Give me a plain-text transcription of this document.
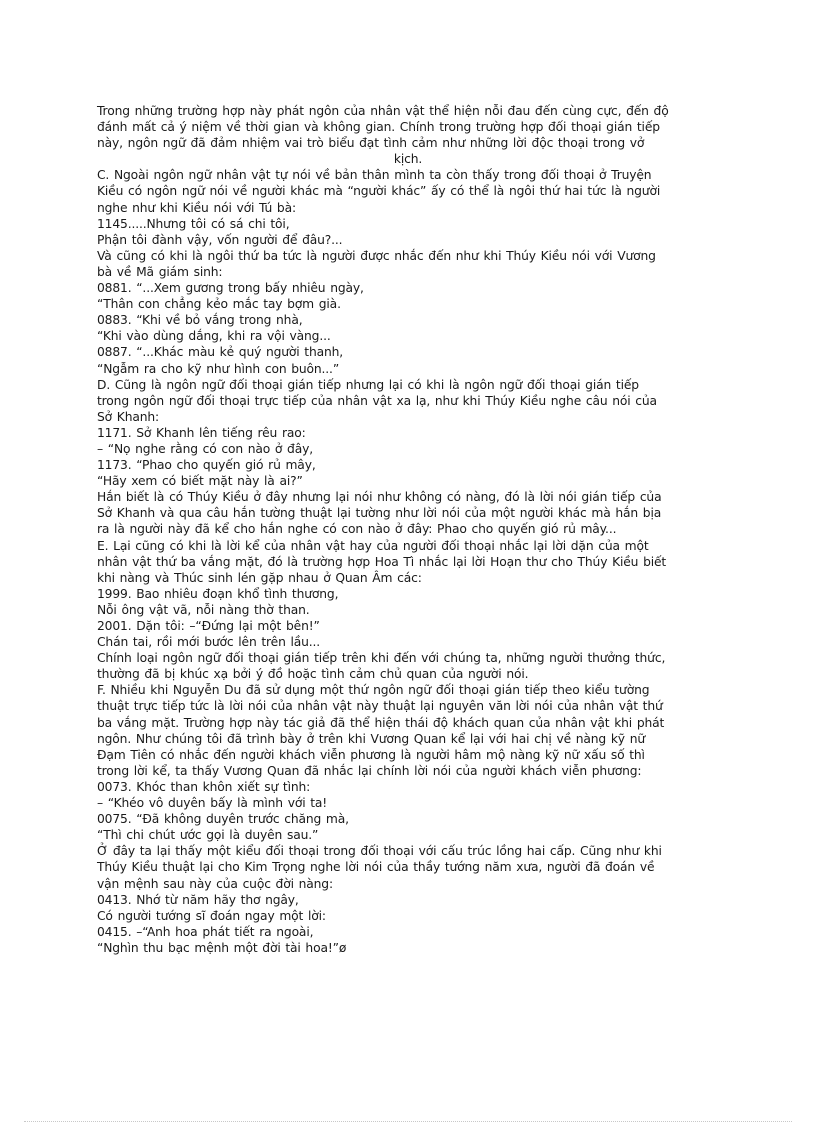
Trong những trường hợp này phát ngôn của nhân vật thể hiện nỗi đau đến cùng cực, đến độ
đánh mất cả ý niệm về thời gian và không gian. Chính trong trường hợp đối thoại gián tiếp
này, ngôn ngữ đã đảm nhiệm vai trò biểu đạt tình cảm như những lời độc thoại trong vở
kịch.
C. Ngoài ngôn ngữ nhân vật tự nói về bản thân mình ta còn thấy trong đối thoại ở Truyện
Kiều có ngôn ngữ nói về người khác mà “người khác” ấy có thể là ngôi thứ hai tức là người
nghe như khi Kiều nói với Tú bà:
1145.....Nhưng tôi có sá chi tôi,
Phận tôi đành vậy, vốn người để đâu?...
Và cũng có khi là ngôi thứ ba tức là người được nhắc đến như khi Thúy Kiều nói với Vương
bà về Mã giám sinh:
0881. “...Xem gương trong bấy nhiêu ngày,
“Thân con chẳng kẻo mắc tay bợm già.
0883. “Khi về bỏ vắng trong nhà,
“Khi vào dùng dắng, khi ra vội vàng...
0887. “...Khác màu kẻ quý người thanh,
“Ngẫm ra cho kỹ như hình con buôn...”
D. Cũng là ngôn ngữ đối thoại gián tiếp nhưng lại có khi là ngôn ngữ đối thoại gián tiếp
trong ngôn ngữ đối thoại trực tiếp của nhân vật xa lạ, như khi Thúy Kiều nghe câu nói của
Sở Khanh:
1171. Sở Khanh lên tiếng rêu rao:
– “Nọ nghe rằng có con nào ở đây,
1173. “Phao cho quyến gió rủ mây,
“Hãy xem có biết mặt này là ai?”
Hắn biết là có Thúy Kiều ở đây nhưng lại nói như không có nàng, đó là lời nói gián tiếp của
Sở Khanh và qua câu hắn tường thuật lại tường như lời nói của một người khác mà hắn bịa
ra là người này đã kể cho hắn nghe có con nào ở đây: Phao cho quyến gió rủ mây...
E. Lại cũng có khi là lời kể của nhân vật hay của người đối thoại nhắc lại lời dặn của một
nhân vật thứ ba vắng mặt, đó là trường hợp Hoa Tì nhắc lại lời Hoạn thư cho Thúy Kiều biết
khi nàng và Thúc sinh lén gặp nhau ở Quan Âm các:
1999. Bao nhiêu đoạn khổ tình thương,
Nỗi ông vật vã, nỗi nàng thờ than.
2001. Dặn tôi: –“Đứng lại một bên!”
Chán tai, rồi mới bước lên trên lầu...
Chính loại ngôn ngữ đối thoại gián tiếp trên khi đến với chúng ta, những người thưởng thức,
thường đã bị khúc xạ bởi ý đồ hoặc tình cảm chủ quan của người nói.
F. Nhiều khi Nguyễn Du đã sử dụng một thứ ngôn ngữ đối thoại gián tiếp theo kiểu tường
thuật trực tiếp tức là lời nói của nhân vật này thuật lại nguyên văn lời nói của nhân vật thứ
ba vắng mặt. Trường hợp này tác giả đã thể hiện thái độ khách quan của nhân vật khi phát
ngôn. Như chúng tôi đã trình bày ở trên khi Vương Quan kể lại với hai chị về nàng kỹ nữ
Đạm Tiên có nhắc đến người khách viễn phương là người hâm mộ nàng kỹ nữ xấu số thì
trong lời kể, ta thấy Vương Quan đã nhắc lại chính lời nói của người khách viễn phương:
0073. Khóc than khôn xiết sự tình:
– “Khéo vô duyên bấy là mình với ta!
0075. “Đã không duyên trước chăng mà,
“Thì chi chút ước gọi là duyên sau.”
Ở đây ta lại thấy một kiểu đối thoại trong đối thoại với cấu trúc lồng hai cấp. Cũng như khi
Thúy Kiều thuật lại cho Kim Trọng nghe lời nói của thầy tướng năm xưa, người đã đoán về
vận mệnh sau này của cuộc đời nàng:
0413. Nhớ từ năm hãy thơ ngây,
Có người tướng sĩ đoán ngay một lời:
0415. –“Anh hoa phát tiết ra ngoài,
“Nghìn thu bạc mệnh một đời tài hoa!”ø
